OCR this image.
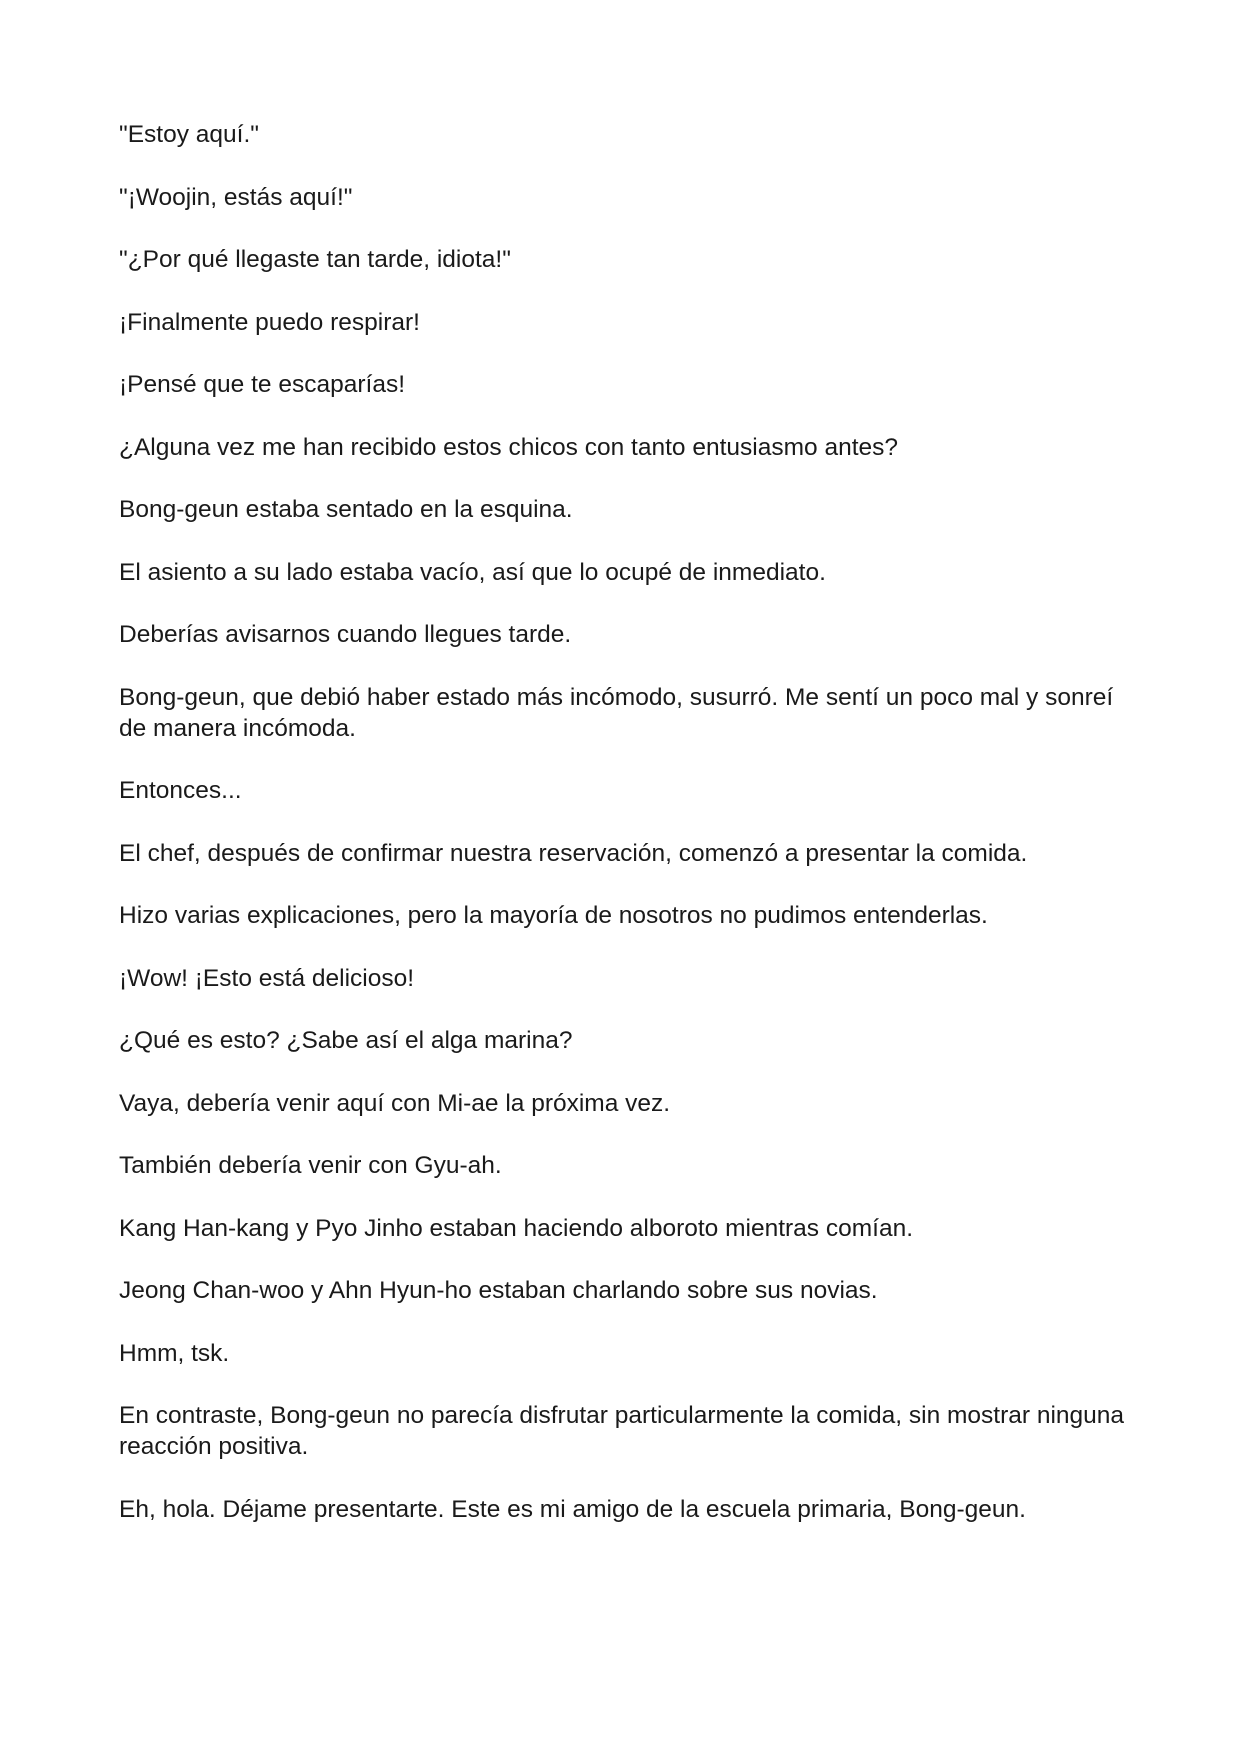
"Estoy aquí."

"¡Woojin, estás aquí!"

"¿Por qué llegaste tan tarde, idiota!"

¡Finalmente puedo respirar!

¡Pensé que te escaparías!

¿Alguna vez me han recibido estos chicos con tanto entusiasmo antes?

Bong-geun estaba sentado en la esquina.

El asiento a su lado estaba vacío, así que lo ocupé de inmediato.

Deberías avisarnos cuando llegues tarde.

Bong-geun, que debió haber estado más incómodo, susurró. Me sentí un poco mal y sonreí de manera incómoda.

Entonces...

El chef, después de confirmar nuestra reservación, comenzó a presentar la comida.

Hizo varias explicaciones, pero la mayoría de nosotros no pudimos entenderlas.

¡Wow! ¡Esto está delicioso!

¿Qué es esto? ¿Sabe así el alga marina?

Vaya, debería venir aquí con Mi-ae la próxima vez.

También debería venir con Gyu-ah.

Kang Han-kang y Pyo Jinho estaban haciendo alboroto mientras comían.

Jeong Chan-woo y Ahn Hyun-ho estaban charlando sobre sus novias.

Hmm, tsk.

En contraste, Bong-geun no parecía disfrutar particularmente la comida, sin mostrar ninguna reacción positiva.

Eh, hola. Déjame presentarte. Este es mi amigo de la escuela primaria, Bong-geun.
